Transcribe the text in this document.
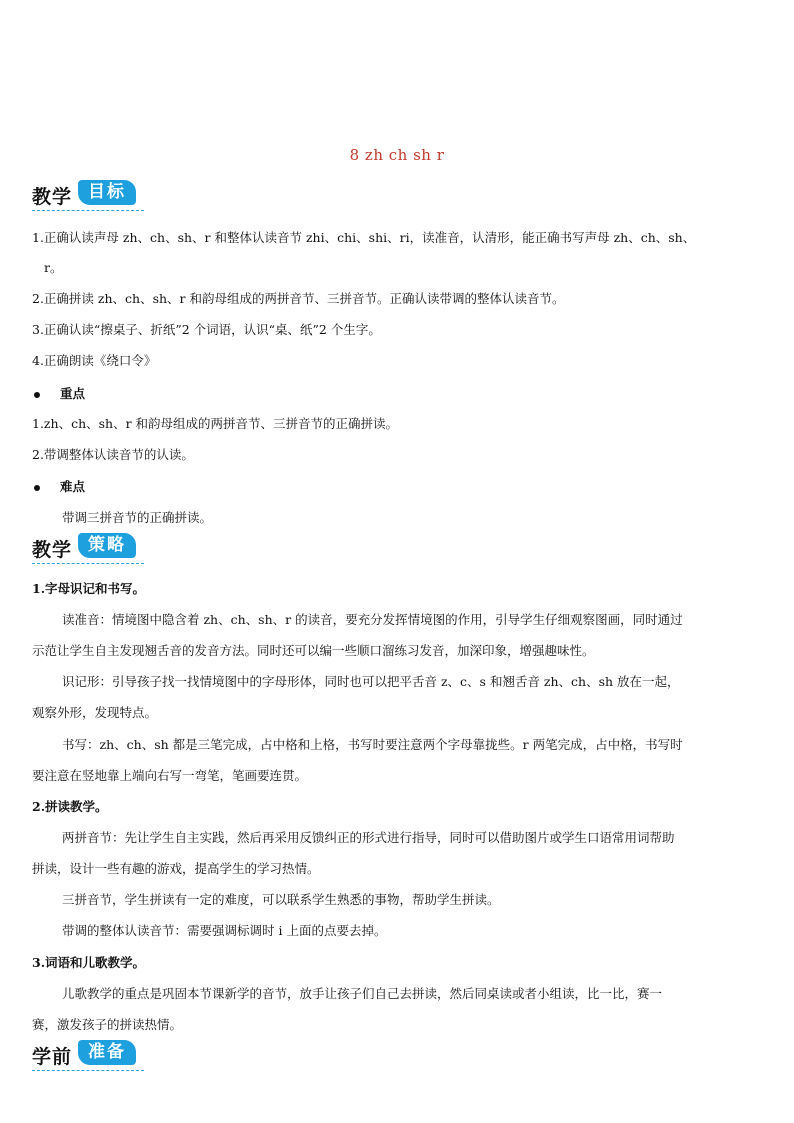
8 zh ch sh r
教学 目标
1.正确认读声母 zh、ch、sh、r 和整体认读音节 zhi、chi、shi、ri，读准音，认清形，能正确书写声母 zh、ch、sh、
r。
2.正确拼读 zh、ch、sh、r 和韵母组成的两拼音节、三拼音节。正确认读带调的整体认读音节。
3.正确认读“擦桌子、折纸”2 个词语，认识“桌、纸”2 个生字。
4.正确朗读《绕口令》
重点
1.zh、ch、sh、r 和韵母组成的两拼音节、三拼音节的正确拼读。
2.带调整体认读音节的认读。
难点
带调三拼音节的正确拼读。
教学 策略
1.字母识记和书写。
读准音：情境图中隐含着 zh、ch、sh、r 的读音，要充分发挥情境图的作用，引导学生仔细观察图画，同时通过
示范让学生自主发现翘舌音的发音方法。同时还可以编一些顺口溜练习发音，加深印象，增强趣味性。
识记形：引导孩子找一找情境图中的字母形体，同时也可以把平舌音 z、c、s 和翘舌音 zh、ch、sh 放在一起，
观察外形，发现特点。
书写：zh、ch、sh 都是三笔完成，占中格和上格，书写时要注意两个字母靠拢些。r 两笔完成，占中格，书写时
要注意在竖地靠上端向右写一弯笔，笔画要连贯。
2.拼读教学。
两拼音节：先让学生自主实践，然后再采用反馈纠正的形式进行指导，同时可以借助图片或学生口语常用词帮助
拼读，设计一些有趣的游戏，提高学生的学习热情。
三拼音节，学生拼读有一定的难度，可以联系学生熟悉的事物，帮助学生拼读。
带调的整体认读音节：需要强调标调时 i 上面的点要去掉。
3.词语和儿歌教学。
儿歌教学的重点是巩固本节课新学的音节，放手让孩子们自己去拼读，然后同桌读或者小组读，比一比，赛一
赛，激发孩子的拼读热情。
学前 准备
